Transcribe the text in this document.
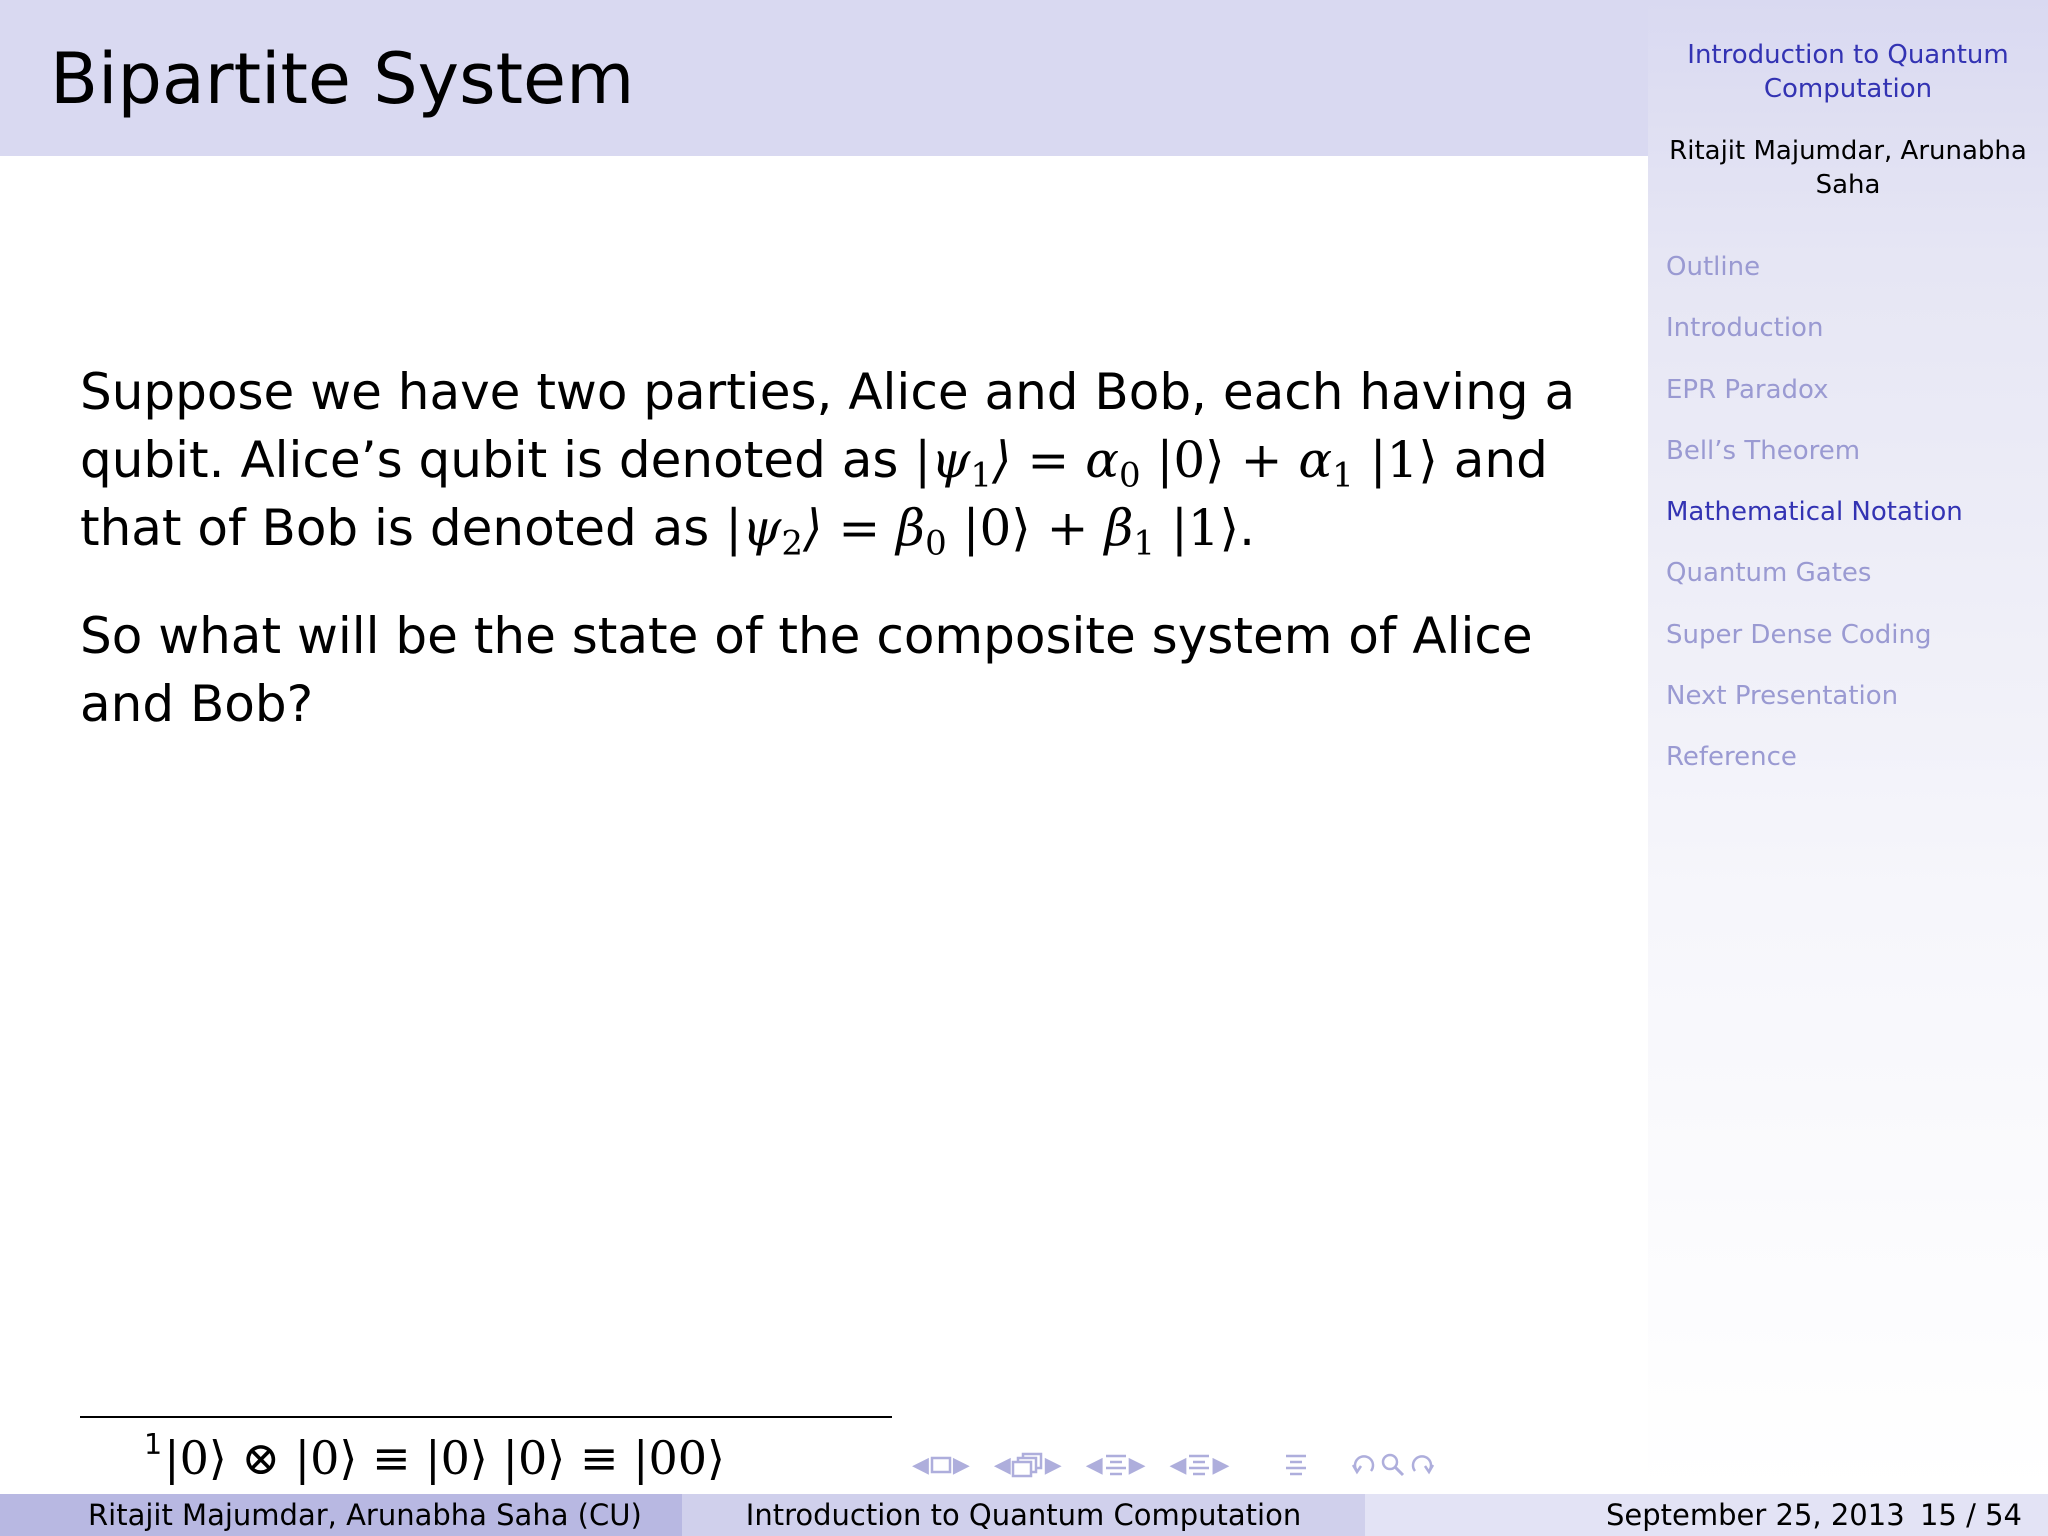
Bipartite System	Introduction to Quantum Computation
Ritajit Majumdar, Arunabha Saha
Outline
Introduction
EPR Paradox
Bell’s Theorem
Mathematical Notation
Quantum Gates
Super Dense Coding
Next Presentation
Reference

Suppose we have two parties, Alice and Bob, each having a qubit. Alice’s qubit is denoted as $|\psi_1⟩ = \alpha_0$ |0⟩ + $\alpha_1$ |1⟩ and that of Bob is denoted as $|\psi_2⟩ = \beta_0$ |0⟩ + $\beta_1$ |1⟩.

So what will be the state of the composite system of Alice and Bob?

$^1$|0⟩ ⊗ |0⟩ ≡ |0⟩ |0⟩ ≡ |00⟩	◀ ▶ ◀ ▶ ◀ ▶ ◀ ▶
Ritajit Majumdar, Arunabha Saha (CU)	Introduction to Quantum Computation	September 25, 2013 15 / 54
